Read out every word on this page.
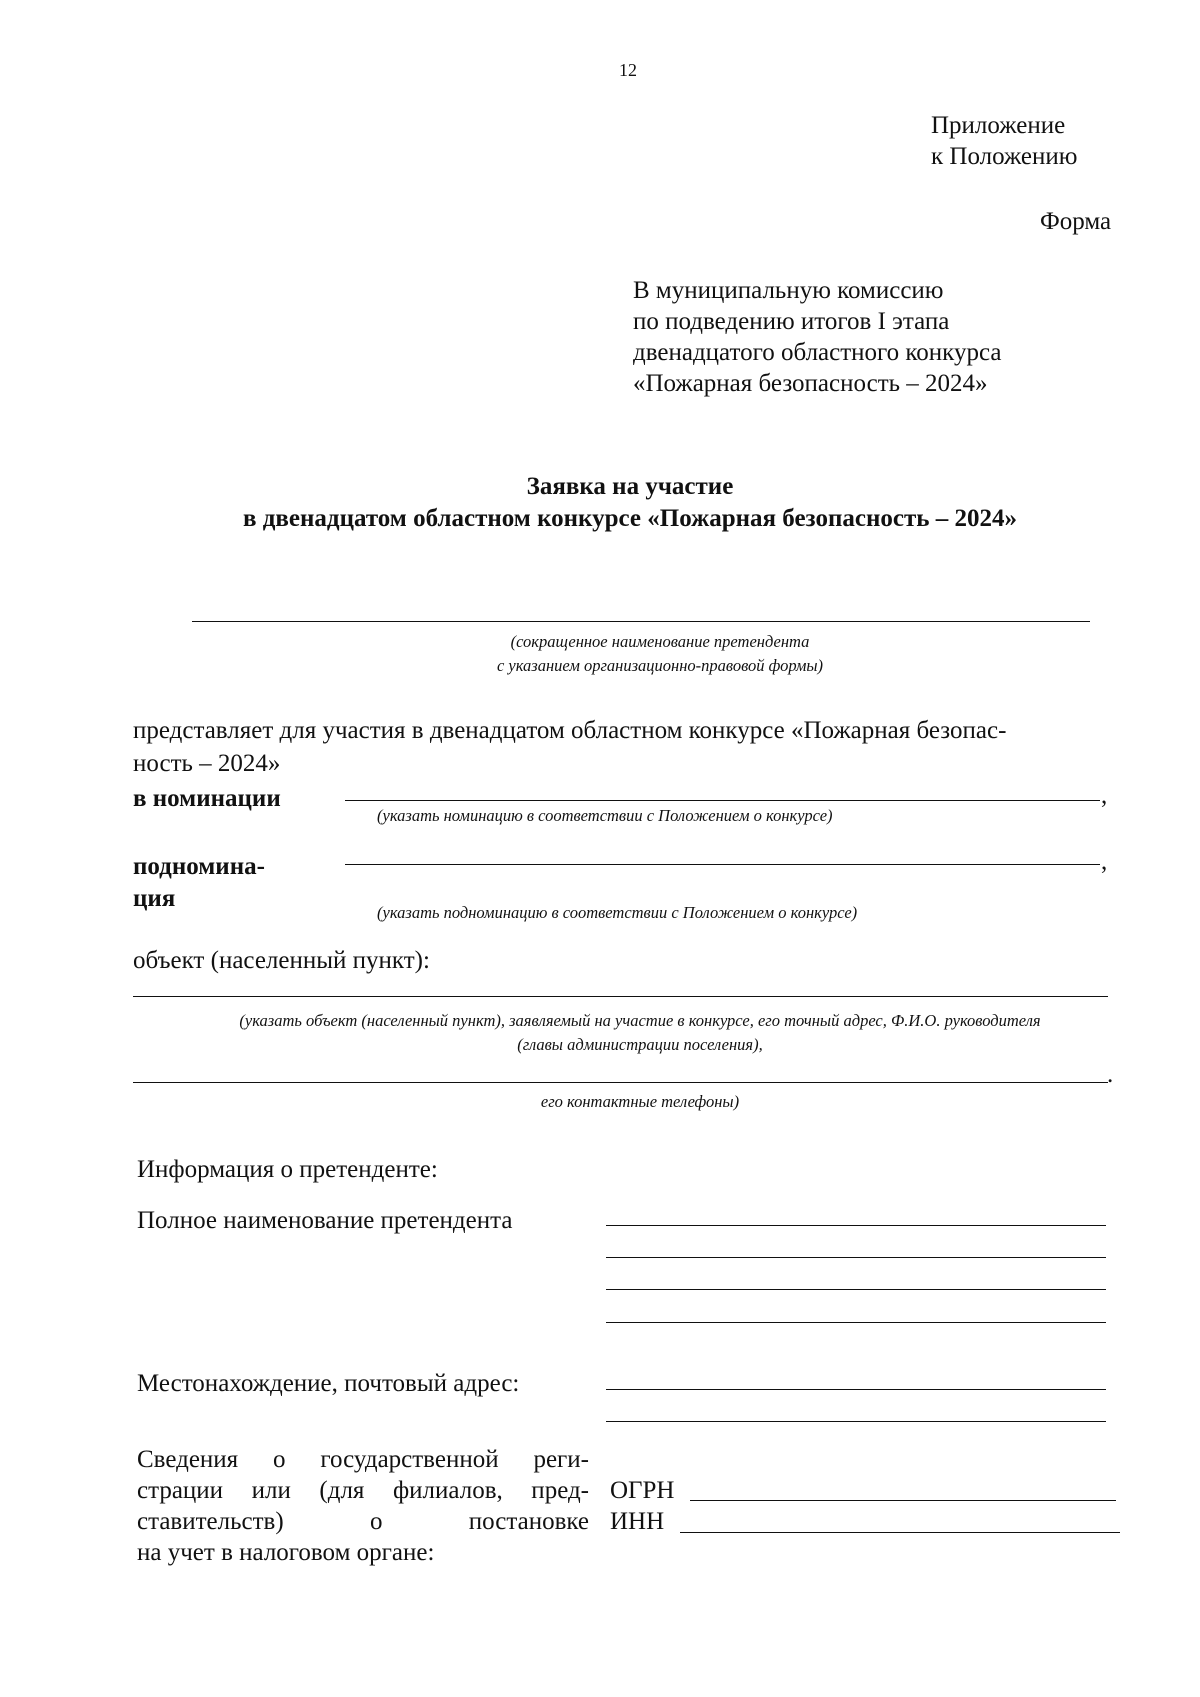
12
Приложение
к Положению
Форма
В муниципальную комиссию
по подведению итогов I этапа
двенадцатого областного конкурса
«Пожарная безопасность – 2024»
Заявка на участие
в двенадцатом областном конкурсе «Пожарная безопасность – 2024»
(сокращенное наименование претендента
с указанием организационно-правовой формы)
представляет для участия в двенадцатом областном конкурсе «Пожарная безопас-
ность – 2024»
в номинации	,
(указать номинацию в соответствии с Положением о конкурсе)
подномина-
ция
,
(указать подноминацию в соответствии с Положением о конкурсе)
объект (населенный пункт):
(указать объект (населенный пункт), заявляемый на участие в конкурсе, его точный адрес, Ф.И.О. руководителя
(главы администрации поселения),
.
его контактные телефоны)
Информация о претенденте:
Полное наименование претендента
Местонахождение, почтовый адрес:
Сведения о государственной реги-
страции или (для филиалов, пред-
ставительств) о постановке
на учет в налоговом органе:
ОГРН
ИНН
